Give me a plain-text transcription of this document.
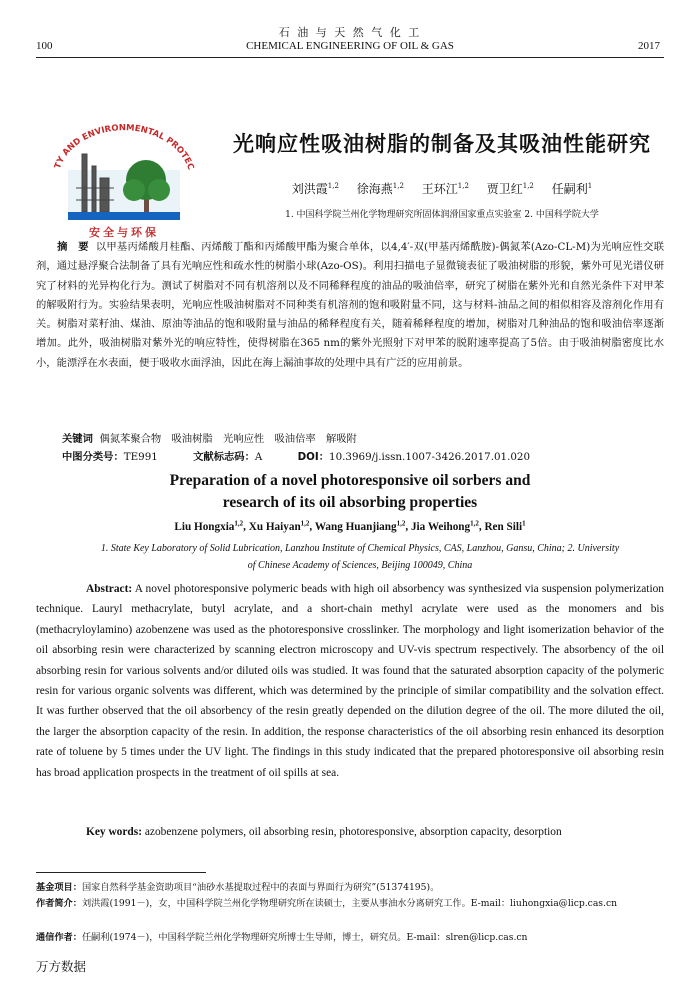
石 油 与 天 然 气 化 工
CHEMICAL ENGINEERING OF OIL & GAS
100	2017
TY AND ENVIRONMENTAL PROTEC
安全与环保
光响应性吸油树脂的制备及其吸油性能研究
刘洪霞$^{1,2}$ 徐海燕$^{1,2}$ 王环江$^{1,2}$ 贾卫红$^{1,2}$ 任嗣利$^1$
1. 中国科学院兰州化学物理研究所固体润滑国家重点实验室 2. 中国科学院大学
摘　要 以甲基丙烯酸月桂酯、丙烯酸丁酯和丙烯酸甲酯为聚合单体，以4,4′-双(甲基丙烯酰胺)-偶氮苯(Azo-CL-M)为光响应性交联剂，通过悬浮聚合法制备了具有光响应性和疏水性的树脂小球(Azo-OS)。利用扫描电子显微镜表征了吸油树脂的形貌，紫外可见光谱仪研究了材料的光异构化行为。测试了树脂对不同有机溶剂以及不同稀释程度的油品的吸油倍率，研究了树脂在紫外光和自然光条件下对甲苯的解吸附行为。实验结果表明，光响应性吸油树脂对不同种类有机溶剂的饱和吸附量不同，这与材料-油品之间的相似相容及溶剂化作用有关。树脂对菜籽油、煤油、原油等油品的饱和吸附量与油品的稀释程度有关，随着稀释程度的增加，树脂对几种油品的饱和吸油倍率逐渐增加。此外，吸油树脂对紫外光的响应特性，使得树脂在365 nm的紫外光照射下对甲苯的脱附速率提高了5倍。由于吸油树脂密度比水小，能漂浮在水表面，便于吸收水面浮油，因此在海上漏油事故的处理中具有广泛的应用前景。
关键词 偶氮苯聚合物　吸油树脂　光响应性　吸油倍率　解吸附
中图分类号：TE991	文献标志码：A	DOI：10.3969/j.issn.1007-3426.2017.01.020
Preparation of a novel photoresponsive oil sorbers and
research of its oil absorbing properties
Liu Hongxia$^{1,2}$, Xu Haiyan$^{1,2}$, Wang Huanjiang$^{1,2}$, Jia Weihong$^{1,2}$, Ren Sili$^1$
1. State Key Laboratory of Solid Lubrication, Lanzhou Institute of Chemical Physics, CAS, Lanzhou, Gansu, China; 2. University of Chinese Academy of Sciences, Beijing 100049, China
Abstract: A novel photoresponsive polymeric beads with high oil absorbency was synthesized via suspension polymerization technique. Lauryl methacrylate, butyl acrylate, and a short-chain methyl acrylate were used as the monomers and bis (methacryloylamino) azobenzene was used as the photoresponsive crosslinker. The morphology and light isomerization behavior of the oil absorbing resin were characterized by scanning electron microscopy and UV-vis spectrum respectively. The absorbency of the oil absorbing resin for various solvents and/or diluted oils was studied. It was found that the saturated absorption capacity of the polymeric resin for various organic solvents was different, which was determined by the principle of similar compatibility and the solvation effect. It was further observed that the oil absorbency of the resin greatly depended on the dilution degree of the oil. The more diluted the oil, the larger the absorption capacity of the resin. In addition, the response characteristics of the oil absorbing resin enhanced its desorption rate of toluene by 5 times under the UV light. The findings in this study indicated that the prepared photoresponsive oil absorbing resin has broad application prospects in the treatment of oil spills at sea.
Key words: azobenzene polymers, oil absorbing resin, photoresponsive, absorption capacity, desorption
基金项目：国家自然科学基金资助项目“油砂水基提取过程中的表面与界面行为研究”(51374195)。
作者简介：刘洪霞(1991－)，女，中国科学院兰州化学物理研究所在读硕士，主要从事油水分离研究工作。E-mail：liuhongxia@licp.cas.cn
通信作者：任嗣利(1974－)，中国科学院兰州化学物理研究所博士生导师，博士，研究员。E-mail：slren@licp.cas.cn
万方数据
